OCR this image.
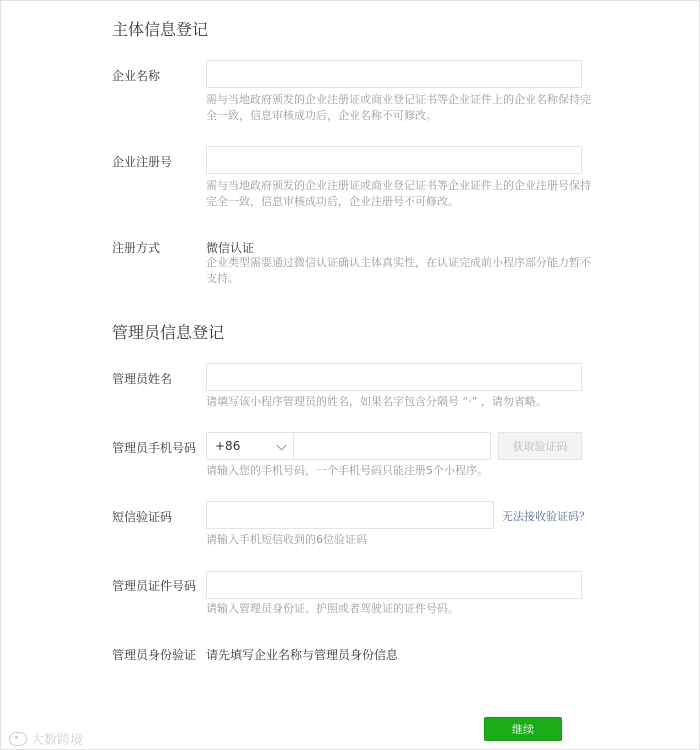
主体信息登记
企业名称
需与当地政府颁发的企业注册证或商业登记证书等企业证件上的企业名称保持完全一致，信息审核成功后，企业名称不可修改。
企业注册号
需与当地政府颁发的企业注册证或商业登记证书等企业证件上的企业注册号保持完全一致，信息审核成功后，企业注册号不可修改。
注册方式	微信认证
企业类型需要通过微信认证确认主体真实性，在认证完成前小程序部分能力暂不支持。
管理员信息登记
管理员姓名
请填写该小程序管理员的姓名，如果名字包含分隔号 “·” ，请勿省略。
管理员手机号码 +86	获取验证码
请输入您的手机号码，一个手机号码只能注册5个小程序。
短信验证码	无法接收验证码？
请输入手机短信收到的6位验证码
管理员证件号码
请输入管理员身份证、护照或者驾驶证的证件号码。
管理员身份验证 请先填写企业名称与管理员身份信息
继续
大数跨境
